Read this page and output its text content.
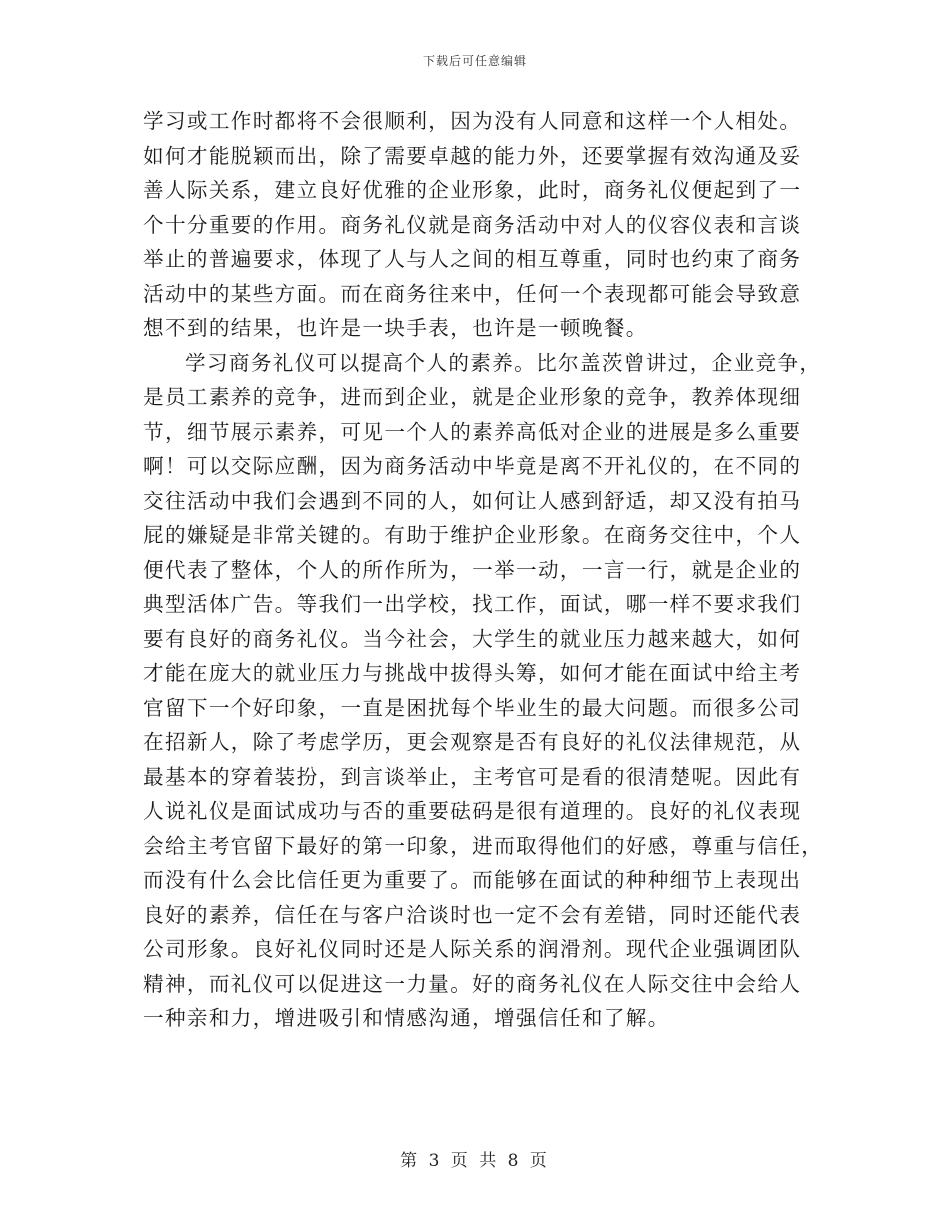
下载后可任意编辑
学习或工作时都将不会很顺利，因为没有人同意和这样一个人相处。
如何才能脱颖而出，除了需要卓越的能力外，还要掌握有效沟通及妥
善人际关系，建立良好优雅的企业形象，此时，商务礼仪便起到了一
个十分重要的作用。商务礼仪就是商务活动中对人的仪容仪表和言谈
举止的普遍要求，体现了人与人之间的相互尊重，同时也约束了商务
活动中的某些方面。而在商务往来中，任何一个表现都可能会导致意
想不到的结果，也许是一块手表，也许是一顿晚餐。
学习商务礼仪可以提高个人的素养。比尔盖茨曾讲过，企业竞争，
是员工素养的竞争，进而到企业，就是企业形象的竞争，教养体现细
节，细节展示素养，可见一个人的素养高低对企业的进展是多么重要
啊！可以交际应酬，因为商务活动中毕竟是离不开礼仪的，在不同的
交往活动中我们会遇到不同的人，如何让人感到舒适，却又没有拍马
屁的嫌疑是非常关键的。有助于维护企业形象。在商务交往中，个人
便代表了整体，个人的所作所为，一举一动，一言一行，就是企业的
典型活体广告。等我们一出学校，找工作，面试，哪一样不要求我们
要有良好的商务礼仪。当今社会，大学生的就业压力越来越大，如何
才能在庞大的就业压力与挑战中拔得头筹，如何才能在面试中给主考
官留下一个好印象，一直是困扰每个毕业生的最大问题。而很多公司
在招新人，除了考虑学历，更会观察是否有良好的礼仪法律规范，从
最基本的穿着装扮，到言谈举止，主考官可是看的很清楚呢。因此有
人说礼仪是面试成功与否的重要砝码是很有道理的。良好的礼仪表现
会给主考官留下最好的第一印象，进而取得他们的好感，尊重与信任，
而没有什么会比信任更为重要了。而能够在面试的种种细节上表现出
良好的素养，信任在与客户洽谈时也一定不会有差错，同时还能代表
公司形象。良好礼仪同时还是人际关系的润滑剂。现代企业强调团队
精神，而礼仪可以促进这一力量。好的商务礼仪在人际交往中会给人
一种亲和力，增进吸引和情感沟通，增强信任和了解。
第 3 页 共 8 页
